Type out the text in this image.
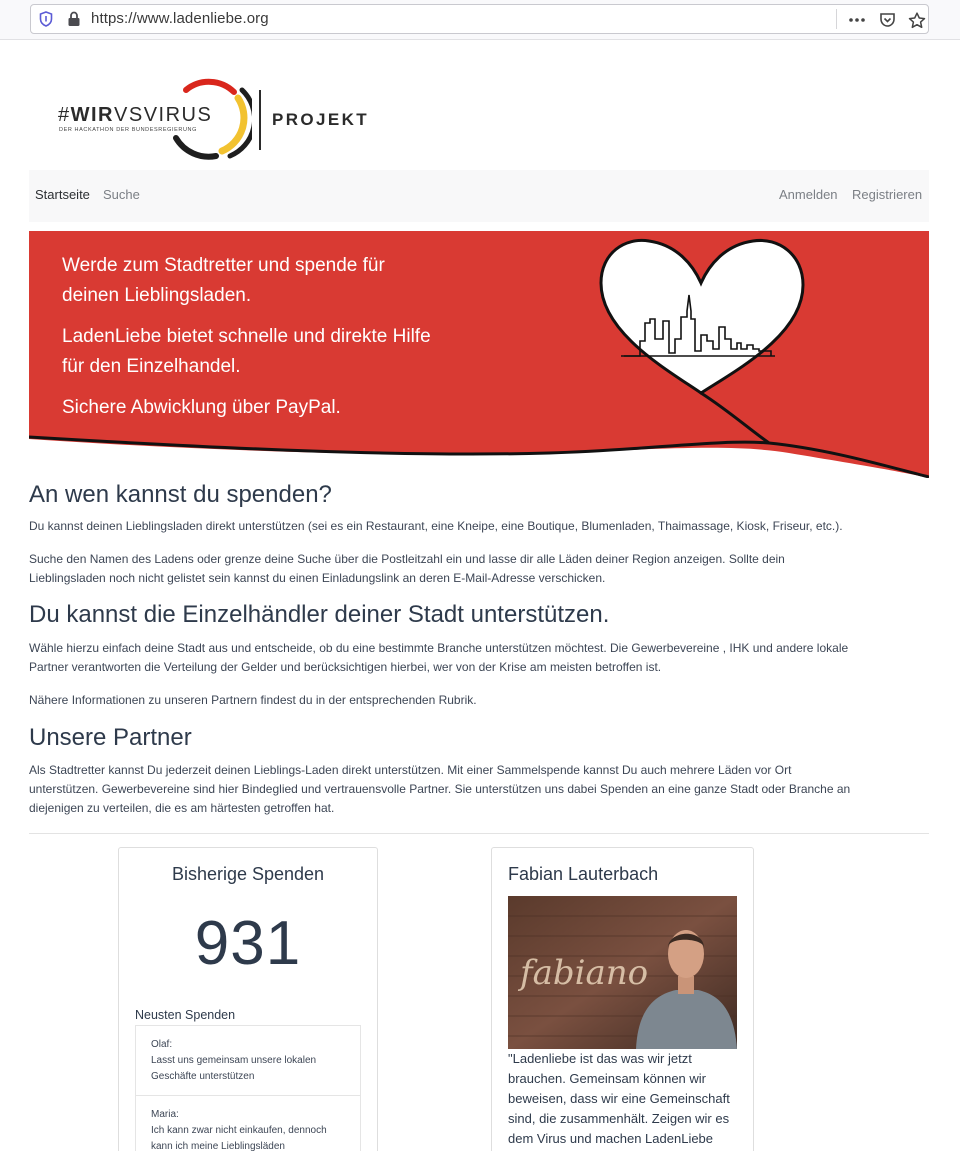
https://www.ladenliebe.org
#WIRVSVIRUS
DER HACKATHON DER BUNDESREGIERUNG
PROJEKT
Startseite Suche	Anmelden Registrieren

Werde zum Stadtretter und spende für
deinen Lieblingsladen.

LadenLiebe bietet schnelle und direkte Hilfe
für den Einzelhandel.

Sichere Abwicklung über PayPal.

An wen kannst du spenden?

Du kannst deinen Lieblingsladen direkt unterstützen (sei es ein Restaurant, eine Kneipe, eine Boutique, Blumenladen, Thaimassage, Kiosk, Friseur, etc.).

Suche den Namen des Ladens oder grenze deine Suche über die Postleitzahl ein und lasse dir alle Läden deiner Region anzeigen. Sollte dein
Lieblingsladen noch nicht gelistet sein kannst du einen Einladungslink an deren E-Mail-Adresse verschicken.

Du kannst die Einzelhändler deiner Stadt unterstützen.

Wähle hierzu einfach deine Stadt aus und entscheide, ob du eine bestimmte Branche unterstützen möchtest. Die Gewerbevereine , IHK und andere lokale
Partner verantworten die Verteilung der Gelder und berücksichtigen hierbei, wer von der Krise am meisten betroffen ist.

Nähere Informationen zu unseren Partnern findest du in der entsprechenden Rubrik.

Unsere Partner

Als Stadtretter kannst Du jederzeit deinen Lieblings-Laden direkt unterstützen. Mit einer Sammelspende kannst Du auch mehrere Läden vor Ort
unterstützen. Gewerbevereine sind hier Bindeglied und vertrauensvolle Partner. Sie unterstützen uns dabei Spenden an eine ganze Stadt oder Branche an
diejenigen zu verteilen, die es am härtesten getroffen hat.

Bisherige Spenden
931
Neusten Spenden
Olaf:
Lasst uns gemeinsam unsere lokalen
Geschäfte unterstützen
Maria:
Ich kann zwar nicht einkaufen, dennoch
kann ich meine Lieblingsläden
Fabian Lauterbach
fabiano
"Ladenliebe ist das was wir jetzt
brauchen. Gemeinsam können wir
beweisen, dass wir eine Gemeinschaft
sind, die zusammenhält. Zeigen wir es
dem Virus und machen LadenLiebe
